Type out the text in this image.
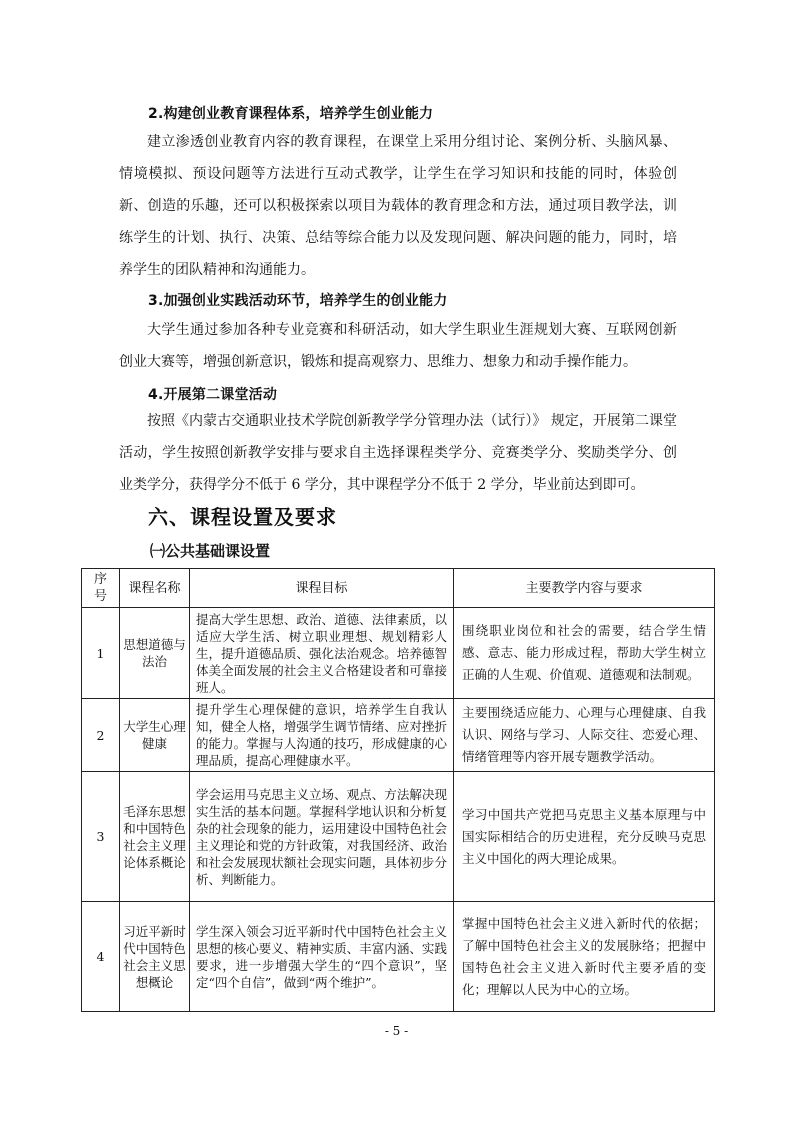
2.构建创业教育课程体系，培养学生创业能力

建立渗透创业教育内容的教育课程，在课堂上采用分组讨论、案例分析、头脑风暴、情境模拟、预设问题等方法进行互动式教学，让学生在学习知识和技能的同时，体验创新、创造的乐趣，还可以积极探索以项目为载体的教育理念和方法，通过项目教学法，训练学生的计划、执行、决策、总结等综合能力以及发现问题、解决问题的能力，同时，培养学生的团队精神和沟通能力。

3.加强创业实践活动环节，培养学生的创业能力

大学生通过参加各种专业竞赛和科研活动，如大学生职业生涯规划大赛、互联网创新创业大赛等，增强创新意识，锻炼和提高观察力、思维力、想象力和动手操作能力。

4.开展第二课堂活动

按照《内蒙古交通职业技术学院创新教学学分管理办法（试行）》 规定，开展第二课堂活动，学生按照创新教学安排与要求自主选择课程类学分、竞赛类学分、奖励类学分、创业类学分，获得学分不低于 6 学分，其中课程学分不低于 2 学分，毕业前达到即可。

六、课程设置及要求
㈠公共基础课设置
序号	课程名称	课程目标	主要教学内容与要求
1	思想道德与法治	提高大学生思想、政治、道德、法律素质，以适应大学生活、树立职业理想、规划精彩人生，提升道德品质、强化法治观念。培养德智体美全面发展的社会主义合格建设者和可靠接班人。	围绕职业岗位和社会的需要，结合学生情感、意志、能力形成过程，帮助大学生树立正确的人生观、价值观、道德观和法制观。
2	大学生心理健康	提升学生心理保健的意识，培养学生自我认知，健全人格，增强学生调节情绪、应对挫折的能力。掌握与人沟通的技巧，形成健康的心理品质，提高心理健康水平。	主要围绕适应能力、心理与心理健康、自我认识、网络与学习、人际交往、恋爱心理、情绪管理等内容开展专题教学活动。
3	毛泽东思想和中国特色社会主义理论体系概论	学会运用马克思主义立场、观点、方法解决现实生活的基本问题。掌握科学地认识和分析复杂的社会现象的能力，运用建设中国特色社会主义理论和党的方针政策，对我国经济、政治和社会发展现状额社会现实问题，具体初步分析、判断能力。	学习中国共产党把马克思主义基本原理与中国实际相结合的历史进程，充分反映马克思主义中国化的两大理论成果。
4	习近平新时代中国特色社会主义思想概论	学生深入领会习近平新时代中国特色社会主义思想的核心要义、精神实质、丰富内涵、实践要求，进一步增强大学生的“四个意识”，坚定“四个自信”，做到“两个维护”。	掌握中国特色社会主义进入新时代的依据；了解中国特色社会主义的发展脉络；把握中国特色社会主义进入新时代主要矛盾的变化；理解以人民为中心的立场。
- 5 -
